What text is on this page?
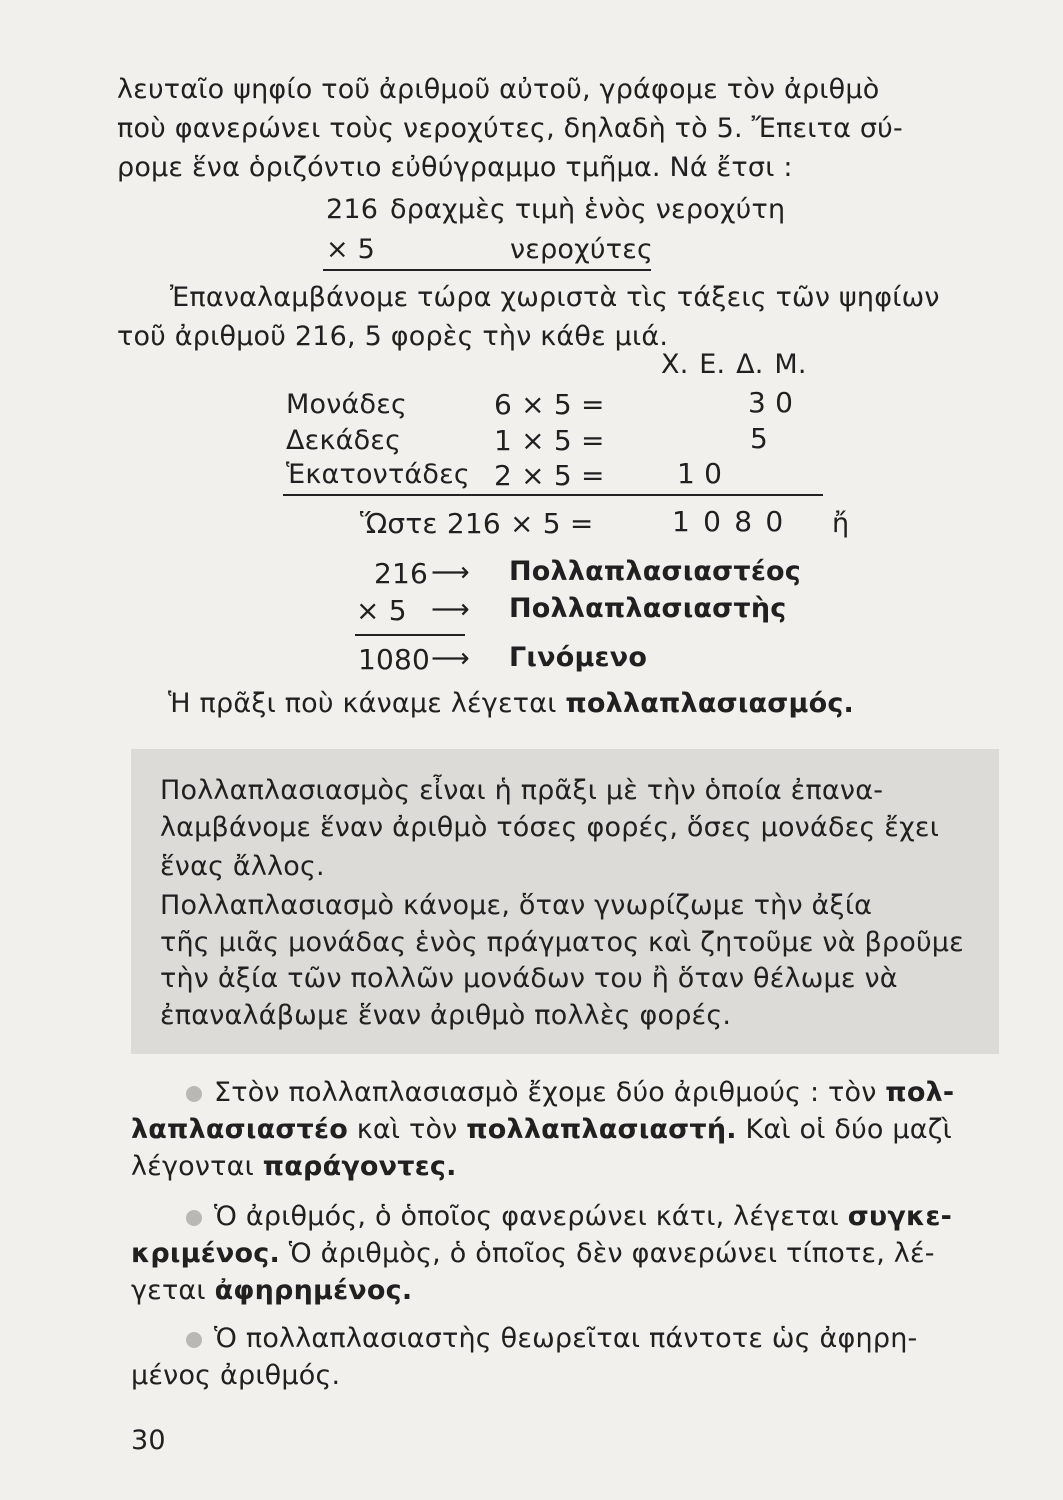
λευταῖο ψηφίο τοῦ ἀριθμοῦ αὐτοῦ, γράφομε τὸν ἀριθμὸ
ποὺ φανερώνει τοὺς νεροχύτες, δηλαδὴ τὸ 5. Ἔπειτα σύ-
ρομε ἕνα ὁριζόντιο εὐθύγραμμο τμῆμα. Νά ἔτσι :
216 δραχμὲς τιμὴ ἑνὸς νεροχύτη
× 5	νεροχύτες
Ἐπαναλαμβάνομε τώρα χωριστὰ τὶς τάξεις τῶν ψηφίων
τοῦ ἀριθμοῦ 216, 5 φορὲς τὴν κάθε μιά.
Χ. Ε. Δ. Μ.
Μονάδες	6 × 5 =	3 0
Δεκάδες	1 × 5 =	5
Ἑκατοντάδες 2 × 5 =	1 0
Ὥστε 216 × 5 =	1 0 8 0 ἤ
216 ⟶ Πολλαπλασιαστέος
× 5 ⟶ Πολλαπλασιαστὴς
1080 ⟶ Γινόμενο
Ἡ πρᾶξι ποὺ κάναμε λέγεται πολλαπλασιασμός.
Πολλαπλασιασμὸς εἶναι ἡ πρᾶξι μὲ τὴν ὁποία ἐπανα-
λαμβάνομε ἕναν ἀριθμὸ τόσες φορές, ὅσες μονάδες ἔχει
ἕνας ἄλλος.
Πολλαπλασιασμὸ κάνομε, ὅταν γνωρίζωμε τὴν ἀξία
τῆς μιᾶς μονάδας ἑνὸς πράγματος καὶ ζητοῦμε νὰ βροῦμε
τὴν ἀξία τῶν πολλῶν μονάδων του ἢ ὅταν θέλωμε νὰ
ἐπαναλάβωμε ἕναν ἀριθμὸ πολλὲς φορές.
Στὸν πολλαπλασιασμὸ ἔχομε δύο ἀριθμούς : τὸν πολ-
λαπλασιαστέο καὶ τὸν πολλαπλασιαστή. Καὶ οἱ δύο μαζὶ
λέγονται παράγοντες.
Ὁ ἀριθμός, ὁ ὁποῖος φανερώνει κάτι, λέγεται συγκε-
κριμένος. Ὁ ἀριθμὸς, ὁ ὁποῖος δὲν φανερώνει τίποτε, λέ-
γεται ἀφηρημένος.
Ὁ πολλαπλασιαστὴς θεωρεῖται πάντοτε ὡς ἀφηρη-
μένος ἀριθμός.
30
